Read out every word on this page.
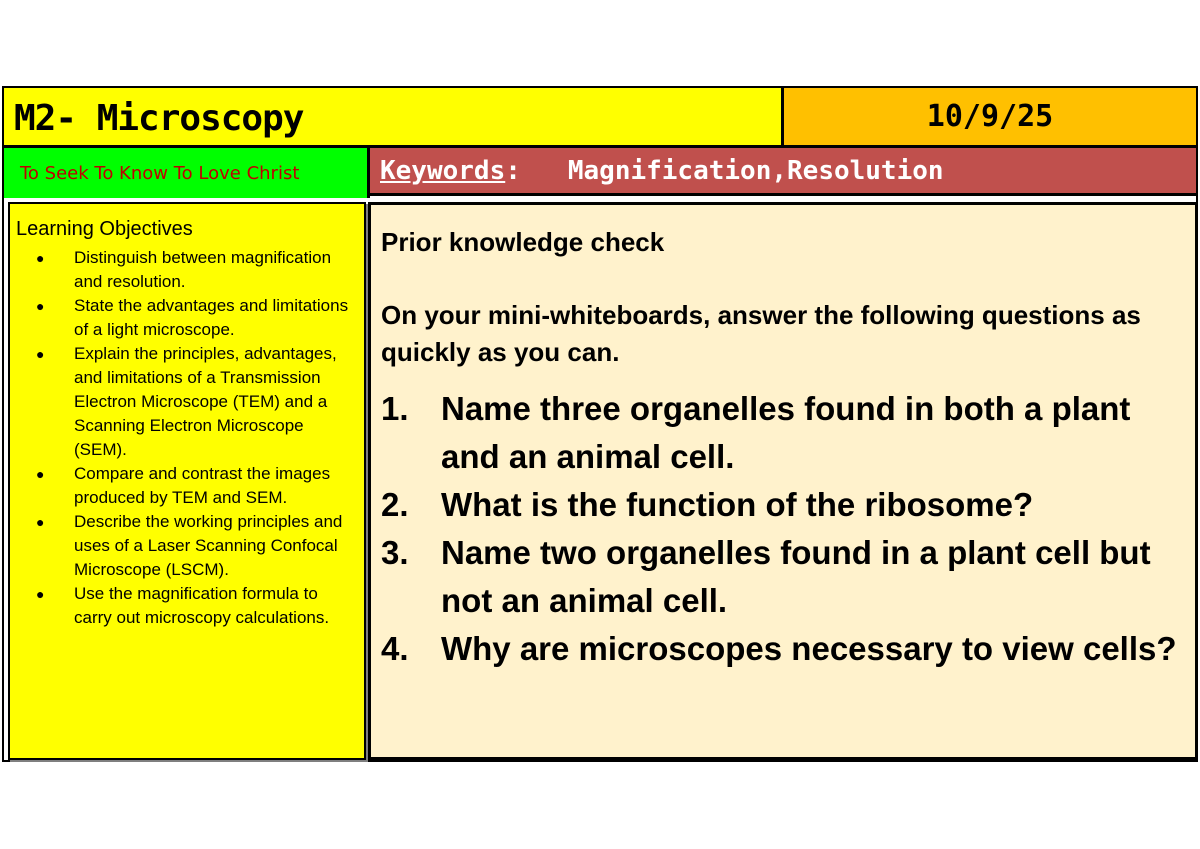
M2- Microscopy	10/9/25
To Seek To Know To Love Christ	Keywords: Magnification,Resolution
Learning Objectives
● Distinguish between magnification and resolution.
● State the advantages and limitations of a light microscope.
● Explain the principles, advantages, and limitations of a Transmission Electron Microscope (TEM) and a Scanning Electron Microscope (SEM).
● Compare and contrast the images produced by TEM and SEM.
● Describe the working principles and uses of a Laser Scanning Confocal Microscope (LSCM).
● Use the magnification formula to carry out microscopy calculations.
Prior knowledge check
On your mini-whiteboards, answer the following questions as quickly as you can.
1. Name three organelles found in both a plant and an animal cell.
2. What is the function of the ribosome?
3. Name two organelles found in a plant cell but not an animal cell.
4. Why are microscopes necessary to view cells?
